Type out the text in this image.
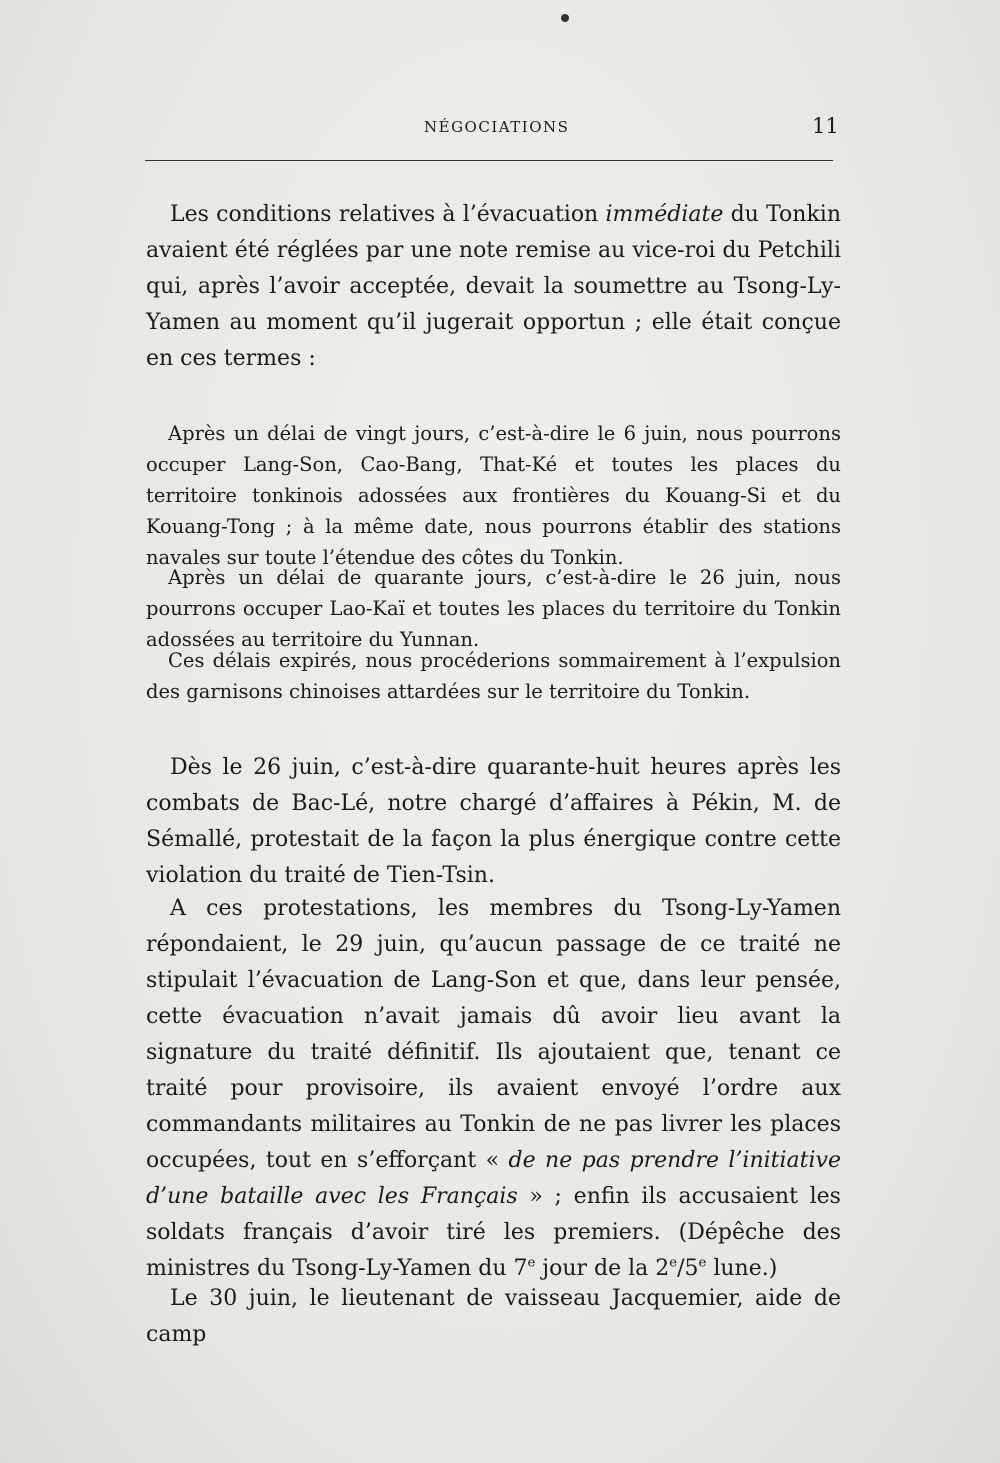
NÉGOCIATIONS	11

Les conditions relatives à l’évacuation immédiate du Tonkin avaient été réglées par une note remise au vice-roi du Petchili qui, après l’avoir acceptée, devait la soumettre au Tsong-Ly-Yamen au moment qu’il jugerait opportun ; elle était conçue en ces termes :

Après un délai de vingt jours, c’est-à-dire le 6 juin, nous pourrons occuper Lang-Son, Cao-Bang, That-Ké et toutes les places du territoire tonkinois adossées aux frontières du Kouang-Si et du Kouang-Tong ; à la même date, nous pourrons établir des stations navales sur toute l’étendue des côtes du Tonkin.

Après un délai de quarante jours, c’est-à-dire le 26 juin, nous pourrons occuper Lao-Kaï et toutes les places du territoire du Tonkin adossées au territoire du Yunnan.

Ces délais expirés, nous procéderions sommairement à l’expulsion des garnisons chinoises attardées sur le territoire du Tonkin.

Dès le 26 juin, c’est-à-dire quarante-huit heures après les combats de Bac-Lé, notre chargé d’affaires à Pékin, M. de Sémallé, protestait de la façon la plus énergique contre cette violation du traité de Tien-Tsin.

A ces protestations, les membres du Tsong-Ly-Yamen répondaient, le 29 juin, qu’aucun passage de ce traité ne stipulait l’évacuation de Lang-Son et que, dans leur pensée, cette évacuation n’avait jamais dû avoir lieu avant la signature du traité définitif. Ils ajoutaient que, tenant ce traité pour provisoire, ils avaient envoyé l’ordre aux commandants militaires au Tonkin de ne pas livrer les places occupées, tout en s’efforçant « de ne pas prendre l’initiative d’une bataille avec les Français » ; enfin ils accusaient les soldats français d’avoir tiré les premiers. (Dépêche des ministres du Tsong-Ly-Yamen du 7e jour de la 2e/5e lune.)

Le 30 juin, le lieutenant de vaisseau Jacquemier, aide de camp
